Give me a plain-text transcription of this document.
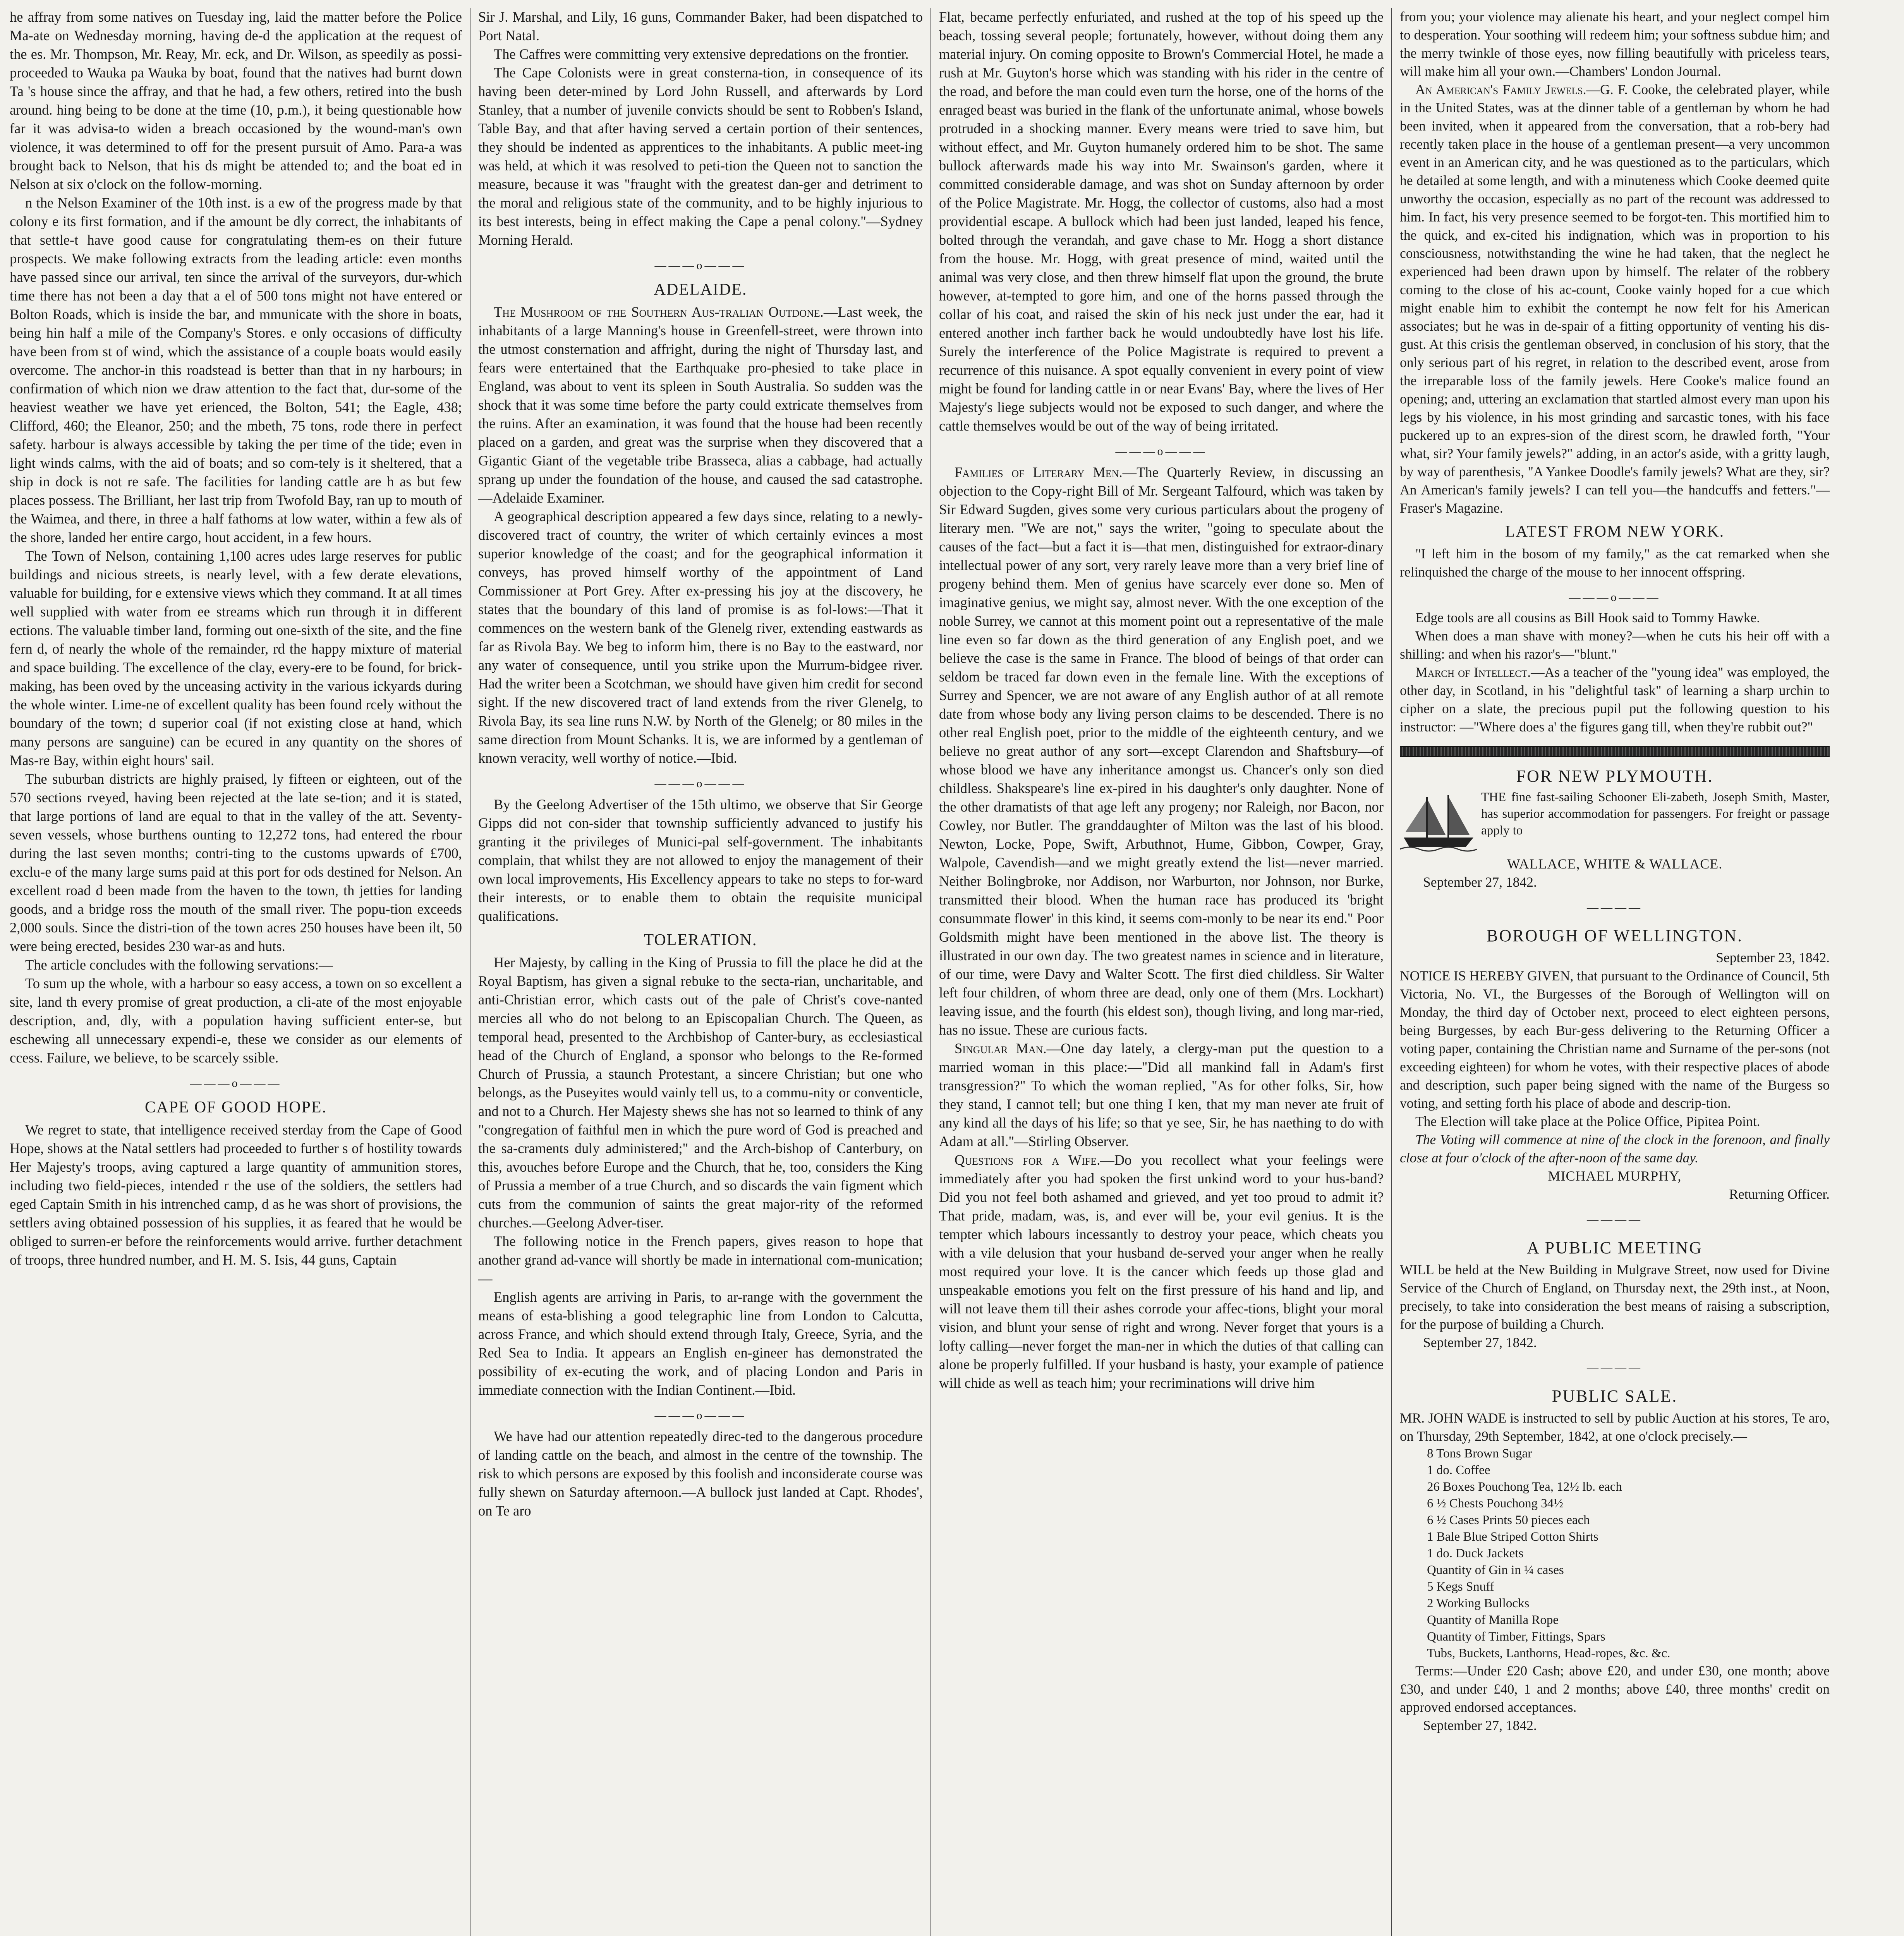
he affray from some natives on Tuesday ing, laid the matter before the Police Ma-ate on Wednesday morning, having de-d the application at the request of the es. Mr. Thompson, Mr. Reay, Mr. eck, and Dr. Wilson, as speedily as possi-proceeded to Wauka pa Wauka by boat, found that the natives had burnt down Ta 's house since the affray, and that he had, a few others, retired into the bush around. hing being to be done at the time (10, p.m.), it being questionable how far it was advisa-to widen a breach occasioned by the wound-man's own violence, it was determined to off for the present pursuit of Amo. Para-a was brought back to Nelson, that his ds might be attended to; and the boat ed in Nelson at six o'clock on the follow-morning.

n the Nelson Examiner of the 10th inst. is a ew of the progress made by that colony e its first formation, and if the amount be dly correct, the inhabitants of that settle-t have good cause for congratulating them-es on their future prospects. We make following extracts from the leading article: even months have passed since our arrival, ten since the arrival of the surveyors, dur-which time there has not been a day that a el of 500 tons might not have entered or Bolton Roads, which is inside the bar, and mmunicate with the shore in boats, being hin half a mile of the Company's Stores. e only occasions of difficulty have been from st of wind, which the assistance of a couple boats would easily overcome. The anchor-in this roadstead is better than that in ny harbours; in confirmation of which nion we draw attention to the fact that, dur-some of the heaviest weather we have yet erienced, the Bolton, 541; the Eagle, 438; Clifford, 460; the Eleanor, 250; and the mbeth, 75 tons, rode there in perfect safety. harbour is always accessible by taking the per time of the tide; even in light winds calms, with the aid of boats; and so com-tely is it sheltered, that a ship in dock is not re safe. The facilities for landing cattle are h as but few places possess. The Brilliant, her last trip from Twofold Bay, ran up to mouth of the Waimea, and there, in three a half fathoms at low water, within a few als of the shore, landed her entire cargo, hout accident, in a few hours.

The Town of Nelson, containing 1,100 acres udes large reserves for public buildings and nicious streets, is nearly level, with a few derate elevations, valuable for building, for e extensive views which they command. It at all times well supplied with water from ee streams which run through it in different ections. The valuable timber land, forming out one-sixth of the site, and the fine fern d, of nearly the whole of the remainder, rd the happy mixture of material and space building. The excellence of the clay, every-ere to be found, for brick-making, has been oved by the unceasing activity in the various ickyards during the whole winter. Lime-ne of excellent quality has been found rcely without the boundary of the town; d superior coal (if not existing close at hand, which many persons are sanguine) can be ecured in any quantity on the shores of Mas-re Bay, within eight hours' sail.

The suburban districts are highly praised, ly fifteen or eighteen, out of the 570 sections rveyed, having been rejected at the late se-tion; and it is stated, that large portions of land are equal to that in the valley of the att. Seventy-seven vessels, whose burthens ounting to 12,272 tons, had entered the rbour during the last seven months; contri-ting to the customs upwards of £700, exclu-e of the many large sums paid at this port for ods destined for Nelson. An excellent road d been made from the haven to the town, th jetties for landing goods, and a bridge ross the mouth of the small river. The popu-tion exceeds 2,000 souls. Since the distri-tion of the town acres 250 houses have been ilt, 50 were being erected, besides 230 war-as and huts.

The article concludes with the following servations:—

To sum up the whole, with a harbour so easy access, a town on so excellent a site, land th every promise of great production, a cli-ate of the most enjoyable description, and, dly, with a population having sufficient enter-se, but eschewing all unnecessary expendi-e, these we consider as our elements of ccess. Failure, we believe, to be scarcely ssible.

———o———
CAPE OF GOOD HOPE.

We regret to state, that intelligence received sterday from the Cape of Good Hope, shows at the Natal settlers had proceeded to further s of hostility towards Her Majesty's troops, aving captured a large quantity of ammunition stores, including two field-pieces, intended r the use of the soldiers, the settlers had eged Captain Smith in his intrenched camp, d as he was short of provisions, the settlers aving obtained possession of his supplies, it as feared that he would be obliged to surren-er before the reinforcements would arrive. further detachment of troops, three hundred number, and H. M. S. Isis, 44 guns, Captain

Sir J. Marshal, and Lily, 16 guns, Commander Baker, had been dispatched to Port Natal.

The Caffres were committing very extensive depredations on the frontier.

The Cape Colonists were in great consterna-tion, in consequence of its having been deter-mined by Lord John Russell, and afterwards by Lord Stanley, that a number of juvenile convicts should be sent to Robben's Island, Table Bay, and that after having served a certain portion of their sentences, they should be indented as apprentices to the inhabitants. A public meet-ing was held, at which it was resolved to peti-tion the Queen not to sanction the measure, because it was "fraught with the greatest dan-ger and detriment to the moral and religious state of the community, and to be highly injurious to its best interests, being in effect making the Cape a penal colony."—Sydney Morning Herald.

———o———
ADELAIDE.

The Mushroom of the Southern Aus-tralian Outdone.—Last week, the inhabitants of a large Manning's house in Greenfell-street, were thrown into the utmost consternation and affright, during the night of Thursday last, and fears were entertained that the Earthquake pro-phesied to take place in England, was about to vent its spleen in South Australia. So sudden was the shock that it was some time before the party could extricate themselves from the ruins. After an examination, it was found that the house had been recently placed on a garden, and great was the surprise when they discovered that a Gigantic Giant of the vegetable tribe Brasseca, alias a cabbage, had actually sprang up under the foundation of the house, and caused the sad catastrophe.—Adelaide Examiner.

A geographical description appeared a few days since, relating to a newly-discovered tract of country, the writer of which certainly evinces a most superior knowledge of the coast; and for the geographical information it conveys, has proved himself worthy of the appointment of Land Commissioner at Port Grey. After ex-pressing his joy at the discovery, he states that the boundary of this land of promise is as fol-lows:—That it commences on the western bank of the Glenelg river, extending eastwards as far as Rivola Bay. We beg to inform him, there is no Bay to the eastward, nor any water of consequence, until you strike upon the Murrum-bidgee river. Had the writer been a Scotchman, we should have given him credit for second sight. If the new discovered tract of land extends from the river Glenelg, to Rivola Bay, its sea line runs N.W. by North of the Glenelg; or 80 miles in the same direction from Mount Schanks. It is, we are informed by a gentleman of known veracity, well worthy of notice.—Ibid.

———o———

By the Geelong Advertiser of the 15th ultimo, we observe that Sir George Gipps did not con-sider that township sufficiently advanced to justify his granting it the privileges of Munici-pal self-government. The inhabitants complain, that whilst they are not allowed to enjoy the management of their own local improvements, His Excellency appears to take no steps to for-ward their interests, or to enable them to obtain the requisite municipal qualifications.

TOLERATION.

Her Majesty, by calling in the King of Prussia to fill the place he did at the Royal Baptism, has given a signal rebuke to the secta-rian, uncharitable, and anti-Christian error, which casts out of the pale of Christ's cove-nanted mercies all who do not belong to an Episcopalian Church. The Queen, as temporal head, presented to the Archbishop of Canter-bury, as ecclesiastical head of the Church of England, a sponsor who belongs to the Re-formed Church of Prussia, a staunch Protestant, a sincere Christian; but one who belongs, as the Puseyites would vainly tell us, to a commu-nity or conventicle, and not to a Church. Her Majesty shews she has not so learned to think of any "congregation of faithful men in which the pure word of God is preached and the sa-craments duly administered;" and the Arch-bishop of Canterbury, on this, avouches before Europe and the Church, that he, too, considers the King of Prussia a member of a true Church, and so discards the vain figment which cuts from the communion of saints the great major-rity of the reformed churches.—Geelong Adver-tiser.

The following notice in the French papers, gives reason to hope that another grand ad-vance will shortly be made in international com-munication;—

English agents are arriving in Paris, to ar-range with the government the means of esta-blishing a good telegraphic line from London to Calcutta, across France, and which should extend through Italy, Greece, Syria, and the Red Sea to India. It appears an English en-gineer has demonstrated the possibility of ex-ecuting the work, and of placing London and Paris in immediate connection with the Indian Continent.—Ibid.

———o———

We have had our attention repeatedly direc-ted to the dangerous procedure of landing cattle on the beach, and almost in the centre of the township. The risk to which persons are exposed by this foolish and inconsiderate course was fully shewn on Saturday afternoon.—A bullock just landed at Capt. Rhodes', on Te aro

Flat, became perfectly enfuriated, and rushed at the top of his speed up the beach, tossing several people; fortunately, however, without doing them any material injury. On coming opposite to Brown's Commercial Hotel, he made a rush at Mr. Guyton's horse which was standing with his rider in the centre of the road, and before the man could even turn the horse, one of the horns of the enraged beast was buried in the flank of the unfortunate animal, whose bowels protruded in a shocking manner. Every means were tried to save him, but without effect, and Mr. Guyton humanely ordered him to be shot. The same bullock afterwards made his way into Mr. Swainson's garden, where it committed considerable damage, and was shot on Sunday afternoon by order of the Police Magistrate. Mr. Hogg, the collector of customs, also had a most providential escape. A bullock which had been just landed, leaped his fence, bolted through the verandah, and gave chase to Mr. Hogg a short distance from the house. Mr. Hogg, with great presence of mind, waited until the animal was very close, and then threw himself flat upon the ground, the brute however, at-tempted to gore him, and one of the horns passed through the collar of his coat, and raised the skin of his neck just under the ear, had it entered another inch farther back he would undoubtedly have lost his life. Surely the interference of the Police Magistrate is required to prevent a recurrence of this nuisance. A spot equally convenient in every point of view might be found for landing cattle in or near Evans' Bay, where the lives of Her Majesty's liege subjects would not be exposed to such danger, and where the cattle themselves would be out of the way of being irritated.

———o———

Families of Literary Men.—The Quarterly Review, in discussing an objection to the Copy-right Bill of Mr. Sergeant Talfourd, which was taken by Sir Edward Sugden, gives some very curious particulars about the progeny of literary men. "We are not," says the writer, "going to speculate about the causes of the fact—but a fact it is—that men, distinguished for extraor-dinary intellectual power of any sort, very rarely leave more than a very brief line of progeny behind them. Men of genius have scarcely ever done so. Men of imaginative genius, we might say, almost never. With the one exception of the noble Surrey, we cannot at this moment point out a representative of the male line even so far down as the third generation of any English poet, and we believe the case is the same in France. The blood of beings of that order can seldom be traced far down even in the female line. With the exceptions of Surrey and Spencer, we are not aware of any English author of at all remote date from whose body any living person claims to be descended. There is no other real English poet, prior to the middle of the eighteenth century, and we believe no great author of any sort—except Clarendon and Shaftsbury—of whose blood we have any inheritance amongst us. Chancer's only son died childless. Shakspeare's line ex-pired in his daughter's only daughter. None of the other dramatists of that age left any progeny; nor Raleigh, nor Bacon, nor Cowley, nor Butler. The granddaughter of Milton was the last of his blood. Newton, Locke, Pope, Swift, Arbuthnot, Hume, Gibbon, Cowper, Gray, Walpole, Cavendish—and we might greatly extend the list—never married. Neither Bolingbroke, nor Addison, nor Warburton, nor Johnson, nor Burke, transmitted their blood. When the human race has produced its 'bright consummate flower' in this kind, it seems com-monly to be near its end." Poor Goldsmith might have been mentioned in the above list. The theory is illustrated in our own day. The two greatest names in science and in literature, of our time, were Davy and Walter Scott. The first died childless. Sir Walter left four children, of whom three are dead, only one of them (Mrs. Lockhart) leaving issue, and the fourth (his eldest son), though living, and long mar-ried, has no issue. These are curious facts.

Singular Man.—One day lately, a clergy-man put the question to a married woman in this place:—"Did all mankind fall in Adam's first transgression?" To which the woman replied, "As for other folks, Sir, how they stand, I cannot tell; but one thing I ken, that my man never ate fruit of any kind all the days of his life; so that ye see, Sir, he has naething to do with Adam at all."—Stirling Observer.

Questions for a Wife.—Do you recollect what your feelings were immediately after you had spoken the first unkind word to your hus-band? Did you not feel both ashamed and grieved, and yet too proud to admit it? That pride, madam, was, is, and ever will be, your evil genius. It is the tempter which labours incessantly to destroy your peace, which cheats you with a vile delusion that your husband de-served your anger when he really most required your love. It is the cancer which feeds up those glad and unspeakable emotions you felt on the first pressure of his hand and lip, and will not leave them till their ashes corrode your affec-tions, blight your moral vision, and blunt your sense of right and wrong. Never forget that yours is a lofty calling—never forget the man-ner in which the duties of that calling can alone be properly fulfilled. If your husband is hasty, your example of patience will chide as well as teach him; your recriminations will drive him

from you; your violence may alienate his heart, and your neglect compel him to desperation. Your soothing will redeem him; your softness subdue him; and the merry twinkle of those eyes, now filling beautifully with priceless tears, will make him all your own.—Chambers' London Journal.

An American's Family Jewels.—G. F. Cooke, the celebrated player, while in the United States, was at the dinner table of a gentleman by whom he had been invited, when it appeared from the conversation, that a rob-bery had recently taken place in the house of a gentleman present—a very uncommon event in an American city, and he was questioned as to the particulars, which he detailed at some length, and with a minuteness which Cooke deemed quite unworthy the occasion, especially as no part of the recount was addressed to him. In fact, his very presence seemed to be forgot-ten. This mortified him to the quick, and ex-cited his indignation, which was in proportion to his consciousness, notwithstanding the wine he had taken, that the neglect he experienced had been drawn upon by himself. The relater of the robbery coming to the close of his ac-count, Cooke vainly hoped for a cue which might enable him to exhibit the contempt he now felt for his American associates; but he was in de-spair of a fitting opportunity of venting his dis-gust. At this crisis the gentleman observed, in conclusion of his story, that the only serious part of his regret, in relation to the described event, arose from the irreparable loss of the family jewels. Here Cooke's malice found an opening; and, uttering an exclamation that startled almost every man upon his legs by his violence, in his most grinding and sarcastic tones, with his face puckered up to an expres-sion of the direst scorn, he drawled forth, "Your what, sir? Your family jewels?" adding, in an actor's aside, with a gritty laugh, by way of parenthesis, "A Yankee Doodle's family jewels? What are they, sir? An American's family jewels? I can tell you—the handcuffs and fetters."—Fraser's Magazine.

LATEST FROM NEW YORK.

"I left him in the bosom of my family," as the cat remarked when she relinquished the charge of the mouse to her innocent offspring.

———o———

Edge tools are all cousins as Bill Hook said to Tommy Hawke.

When does a man shave with money?—when he cuts his heir off with a shilling: and when his razor's—"blunt."

March of Intellect.—As a teacher of the "young idea" was employed, the other day, in Scotland, in his "delightful task" of learning a sharp urchin to cipher on a slate, the precious pupil put the following question to his instructor: —"Where does a' the figures gang till, when they're rubbit out?"

FOR NEW PLYMOUTH.
THE fine fast-sailing Schooner Eli-zabeth, Joseph Smith, Master, has superior accommodation for passengers. For freight or passage apply to
WALLACE, WHITE & WALLACE.
September 27, 1842.
————
BOROUGH OF WELLINGTON.
September 23, 1842.

NOTICE IS HEREBY GIVEN, that pursuant to the Ordinance of Council, 5th Victoria, No. VI., the Burgesses of the Borough of Wellington will on Monday, the third day of October next, proceed to elect eighteen persons, being Burgesses, by each Bur-gess delivering to the Returning Officer a voting paper, containing the Christian name and Surname of the per-sons (not exceeding eighteen) for whom he votes, with their respective places of abode and description, such paper being signed with the name of the Burgess so voting, and setting forth his place of abode and descrip-tion.

The Election will take place at the Police Office, Pipitea Point.

The Voting will commence at nine of the clock in the forenoon, and finally close at four o'clock of the after-noon of the same day.

MICHAEL MURPHY,
Returning Officer.
————
A PUBLIC MEETING

WILL be held at the New Building in Mulgrave Street, now used for Divine Service of the Church of England, on Thursday next, the 29th inst., at Noon, precisely, to take into consideration the best means of raising a subscription, for the purpose of building a Church.

September 27, 1842.
————
PUBLIC SALE.

MR. JOHN WADE is instructed to sell by public Auction at his stores, Te aro, on Thursday, 29th September, 1842, at one o'clock precisely.—

8 Tons Brown Sugar
1 do. Coffee
26 Boxes Pouchong Tea, 12½ lb. each
6 ½ Chests Pouchong 34½
6 ½ Cases Prints 50 pieces each
1 Bale Blue Striped Cotton Shirts
1 do. Duck Jackets
Quantity of Gin in ¼ cases
5 Kegs Snuff
2 Working Bullocks
Quantity of Manilla Rope
Quantity of Timber, Fittings, Spars
Tubs, Buckets, Lanthorns, Head-ropes, &c. &c.

Terms:—Under £20 Cash; above £20, and under £30, one month; above £30, and under £40, 1 and 2 months; above £40, three months' credit on approved endorsed acceptances.

September 27, 1842.
